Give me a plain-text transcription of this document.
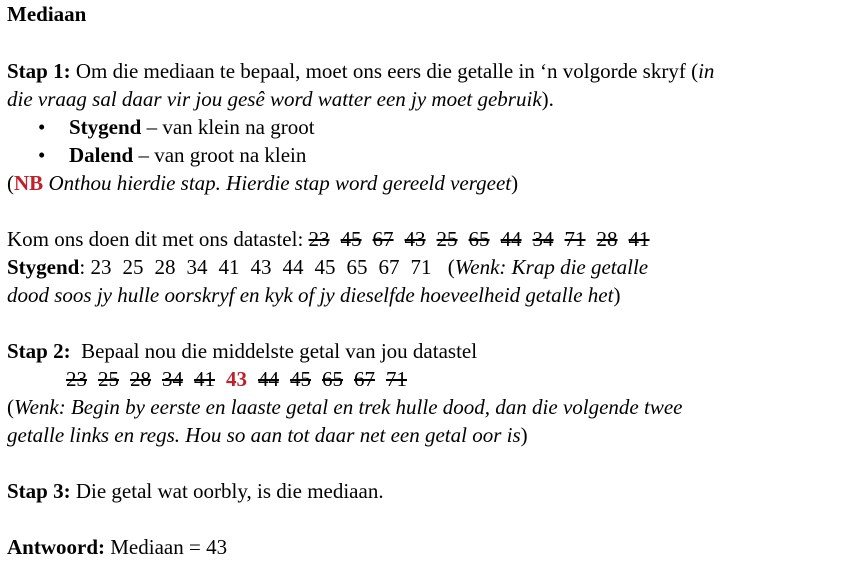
Mediaan
Stap 1: Om die mediaan te bepaal, moet ons eers die getalle in ‘n volgorde skryf (in
die vraag sal daar vir jou gesê word watter een jy moet gebruik).
• Stygend – van klein na groot
• Dalend – van groot na klein
(NB Onthou hierdie stap. Hierdie stap word gereeld vergeet)
Kom ons doen dit met ons datastel: 23 45 67 43 25 65 44 34 71 28 41
Stygend: 23 25 28 34 41 43 44 45 65 67 71 (Wenk: Krap die getalle
dood soos jy hulle oorskryf en kyk of jy dieselfde hoeveelheid getalle het)
Stap 2:  Bepaal nou die middelste getal van jou datastel
23 25 28 34 41 43 44 45 65 67 71
(Wenk: Begin by eerste en laaste getal en trek hulle dood, dan die volgende twee
getalle links en regs. Hou so aan tot daar net een getal oor is)
Stap 3: Die getal wat oorbly, is die mediaan.
Antwoord: Mediaan = 43
